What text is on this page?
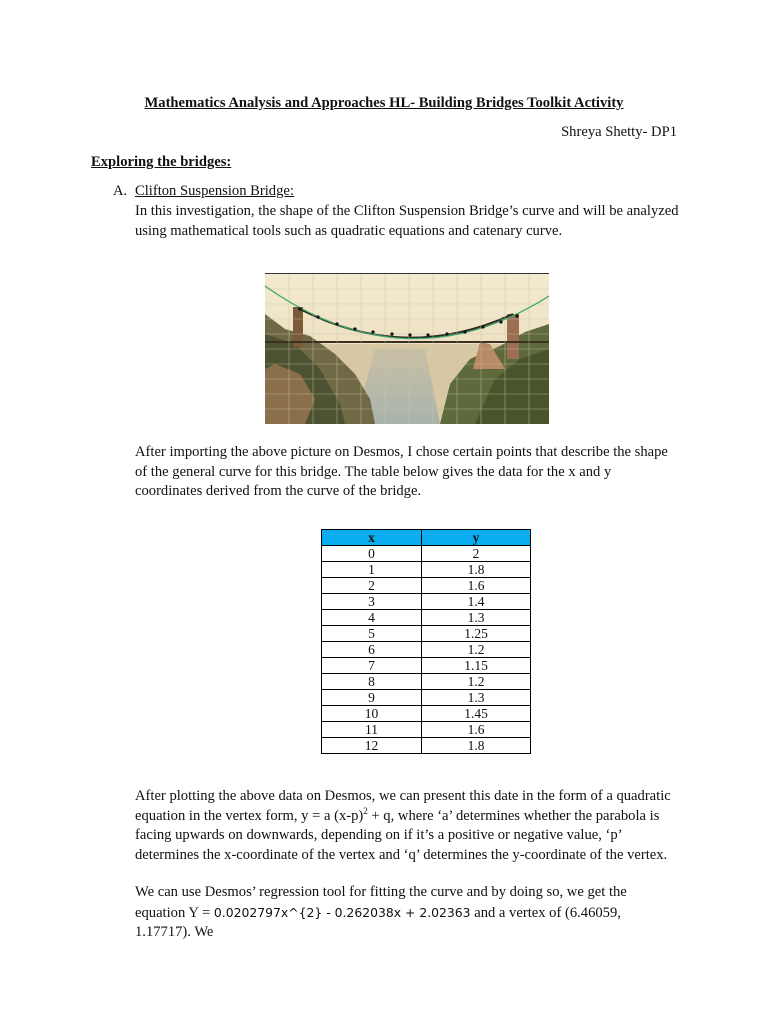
Mathematics Analysis and Approaches HL- Building Bridges Toolkit Activity
Shreya Shetty- DP1
Exploring the bridges:
A. Clifton Suspension Bridge:
In this investigation, the shape of the Clifton Suspension Bridge’s curve and will be analyzed using mathematical tools such as quadratic equations and catenary curve.
After importing the above picture on Desmos, I chose certain points that describe the shape of the general curve for this bridge. The table below gives the data for the x and y coordinates derived from the curve of the bridge.
x	y
0	2
1	1.8
2	1.6
3	1.4
4	1.3
5	1.25
6	1.2
7	1.15
8	1.2
9	1.3
10	1.45
11	1.6
12	1.8
After plotting the above data on Desmos, we can present this date in the form of a quadratic equation in the vertex form, y = a $(x-p)^2 + q$, where ‘a’ determines whether the parabola is facing upwards on downwards, depending on if it’s a positive or negative value, ‘p’ determines the x-coordinate of the vertex and ‘q’ determines the y-coordinate of the vertex.
We can use Desmos’ regression tool for fitting the curve and by doing so, we get the equation Y = 0.0202797x^{2} - 0.262038x + 2.02363 and a vertex of (6.46059, 1.17717). We
